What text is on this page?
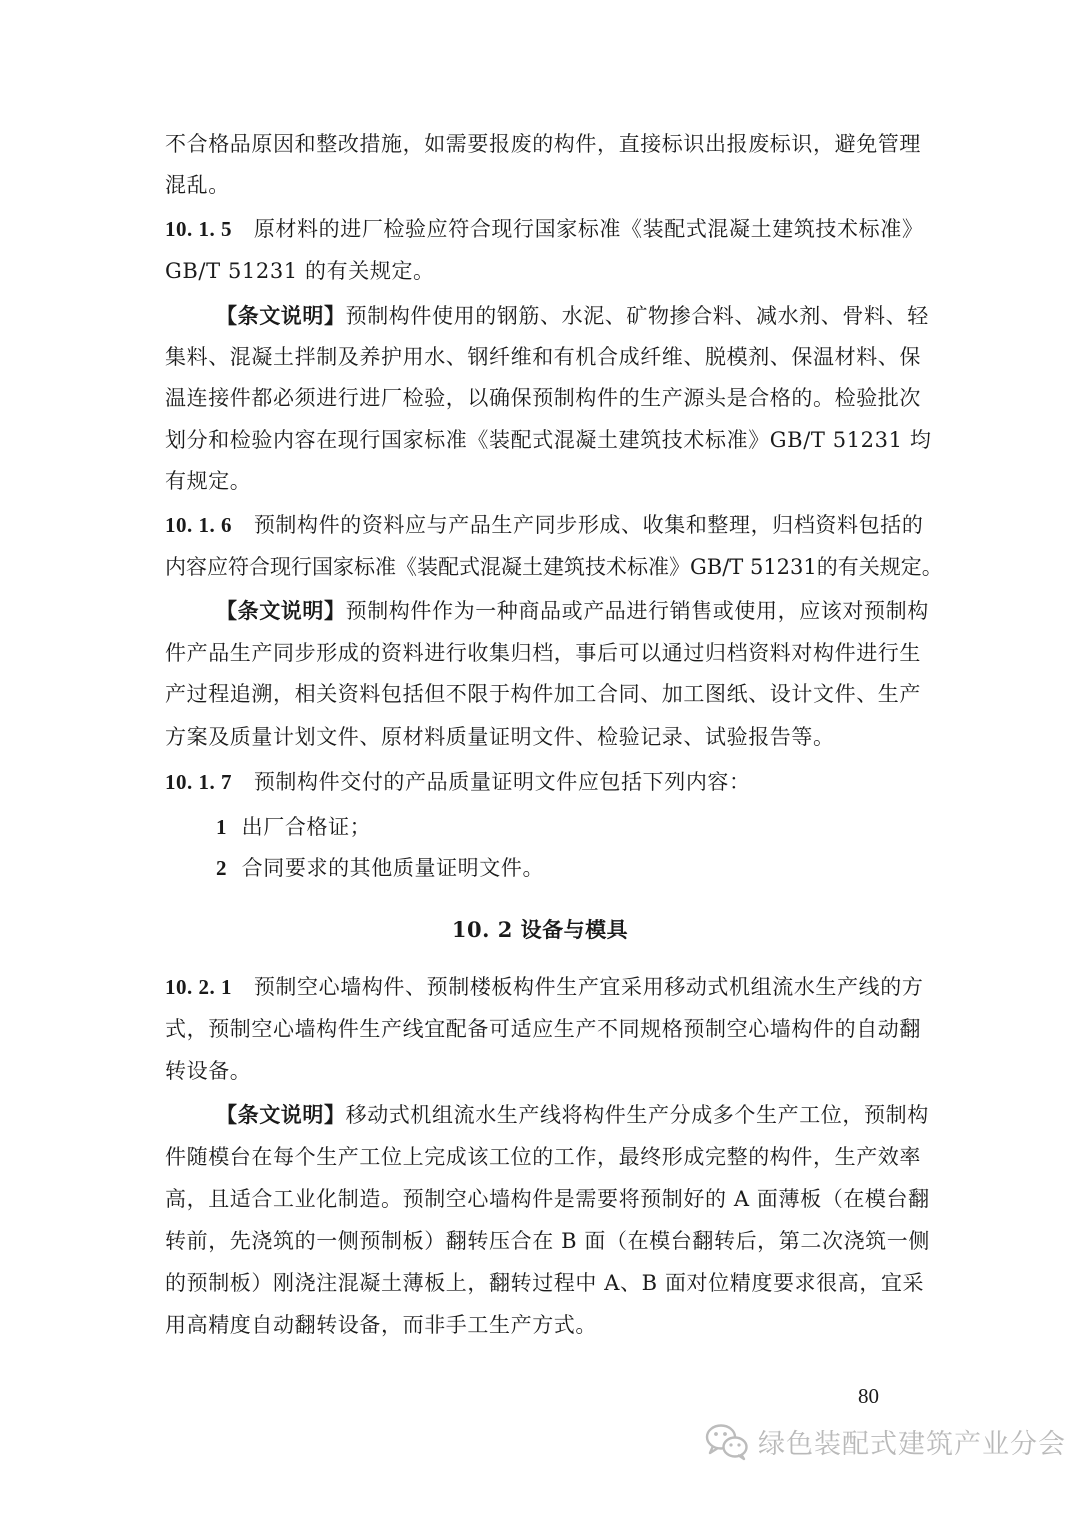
不合格品原因和整改措施，如需要报废的构件，直接标识出报废标识，避免管理
混乱。
10. 1. 5 原材料的进厂检验应符合现行国家标准《装配式混凝土建筑技术标准》
GB/T 51231 的有关规定。
【条文说明】预制构件使用的钢筋、水泥、矿物掺合料、减水剂、骨料、轻
集料、混凝土拌制及养护用水、钢纤维和有机合成纤维、脱模剂、保温材料、保
温连接件都必须进行进厂检验，以确保预制构件的生产源头是合格的。检验批次
划分和检验内容在现行国家标准《装配式混凝土建筑技术标准》GB/T 51231 均
有规定。
10. 1. 6 预制构件的资料应与产品生产同步形成、收集和整理，归档资料包括的
内容应符合现行国家标准《装配式混凝土建筑技术标准》GB/T 51231的有关规定。
【条文说明】预制构件作为一种商品或产品进行销售或使用，应该对预制构
件产品生产同步形成的资料进行收集归档，事后可以通过归档资料对构件进行生
产过程追溯，相关资料包括但不限于构件加工合同、加工图纸、设计文件、生产
方案及质量计划文件、原材料质量证明文件、检验记录、试验报告等。
10. 1. 7 预制构件交付的产品质量证明文件应包括下列内容：
1 出厂合格证；
2 合同要求的其他质量证明文件。
10. 2 设备与模具
10. 2. 1 预制空心墙构件、预制楼板构件生产宜采用移动式机组流水生产线的方
式，预制空心墙构件生产线宜配备可适应生产不同规格预制空心墙构件的自动翻
转设备。
【条文说明】移动式机组流水生产线将构件生产分成多个生产工位，预制构
件随模台在每个生产工位上完成该工位的工作，最终形成完整的构件，生产效率
高，且适合工业化制造。预制空心墙构件是需要将预制好的 A 面薄板（在模台翻
转前，先浇筑的一侧预制板）翻转压合在 B 面（在模台翻转后，第二次浇筑一侧
的预制板）刚浇注混凝土薄板上，翻转过程中 A、B 面对位精度要求很高，宜采
用高精度自动翻转设备，而非手工生产方式。
80
绿色装配式建筑产业分会
